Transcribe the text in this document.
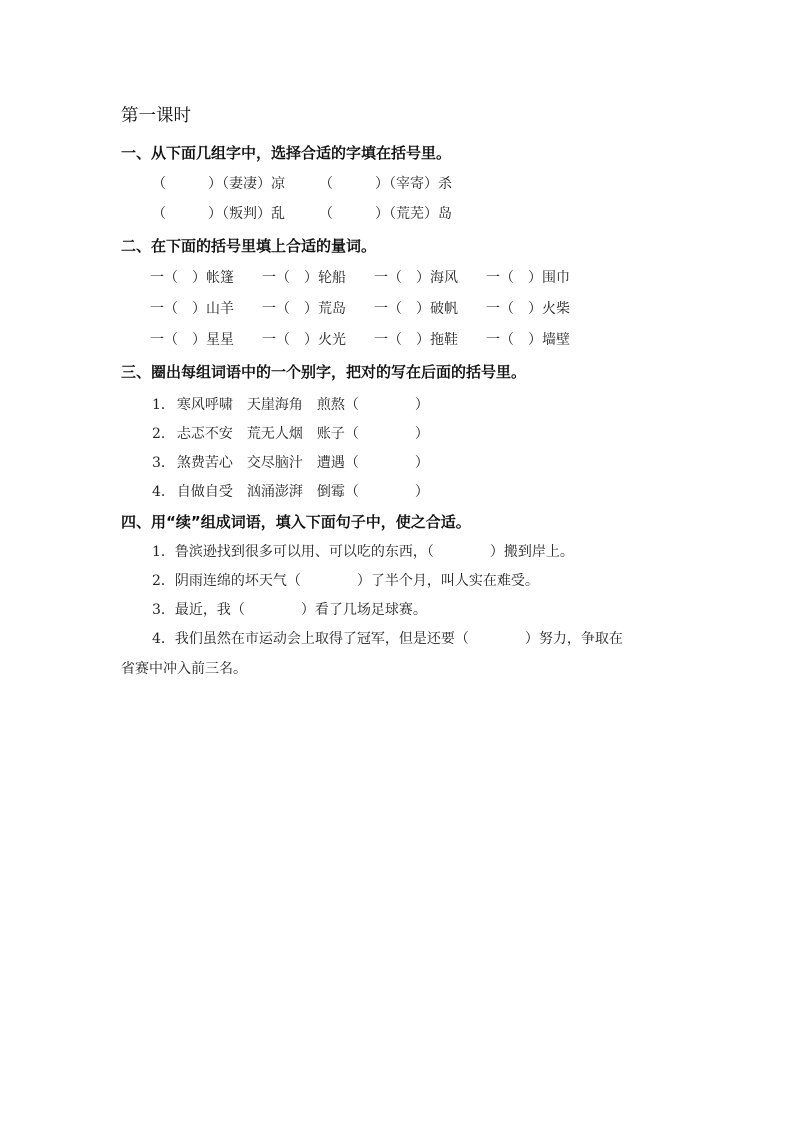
第一课时
一、从下面几组字中，选择合适的字填在括号里。
（　　　）（妻凄）凉 （　　　）（宰寄）杀
（　　　）（叛判）乱 （　　　）（荒芜）岛
二、在下面的括号里填上合适的量词。
一（　）帐篷 一（　）轮船 一（　）海风 一（　）围巾
一（　）山羊 一（　）荒岛 一（　）破帆 一（　）火柴
一（　）星星 一（　）火光 一（　）拖鞋 一（　）墙壁
三、圈出每组词语中的一个别字，把对的写在后面的括号里。
1． 寒风呼啸 天崖海角 煎熬（　　　　）
2． 忐忑不安 荒无人烟 账子（　　　　）
3． 煞费苦心 交尽脑汁 遭遇（　　　　）
4． 自做自受 汹涌澎湃 倒霉（　　　　）
四、用“续”组成词语，填入下面句子中，使之合适。
1．鲁滨逊找到很多可以用、可以吃的东西，（　　　　）搬到岸上。
2．阴雨连绵的坏天气（　　　　）了半个月，叫人实在难受。
3．最近，我（　　　　）看了几场足球赛。
4．我们虽然在市运动会上取得了冠军，但是还要（　　　　）努力，争取在
省赛中冲入前三名。
